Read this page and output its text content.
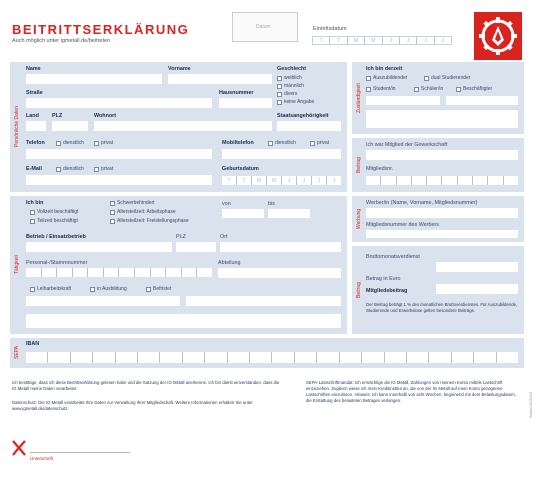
BEITRITTSERKLÄRUNG
Auch möglich unter igmetall.de/beitreten
Datum	Eintrittsdatum
T	T	M	M	J	J	J	J
Persönliche Daten
Name	Vorname	Geschlecht
weiblich
männlich
divers
keine Angabe
Straße	Hausnummer
Land PLZ	Wohnort	Staatsangehörigkeit
Telefon	dienstlich	privat	Mobiltelefon	dienstlich	privat
E-Mail	dienstlich	privat	Geburtsdatum
T	T	M	M	J	J	J	J
Zuständigkeit
Ich bin derzeit
Auszubildender	dual Studierender
Student/in	Schüler/in	Beschäftigter
Beitrag
Ich war Mitglied der Gewerkschaft
Mitgliedsnr.
Tätigkeit
Ich bin
Vollzeit beschäftigt
Teilzeit beschäftigt
Schwerbehindert
Altersteilzeit: Arbeitsphase
Altersteilzeit: Freistellungsphase
von	bis
Betrieb / Einsatzbetrieb	PLZ	Ort
Personal-/Stammnummer	Abteilung
Leiharbeitskraft	in Ausbildung	Befristet
Werbung
Werber/in (Name, Vorname, Mitgliedsnummer)
Mitgliedsnummer des Werbers
Beitrag
Bruttomonatsverdienst
Betrag in Euro
Mitgliedsbeitrag
Der Beitrag beträgt 1 % des monatlichen Bruttoverdienstes. Für Auszubildende, Studierende und Erwerbslose gelten besondere Beiträge.
SEPA
IBAN
Ich bestätige, dass ich diese Beitrittserklärung gelesen habe und die Satzung der IG Metall anerkenne. Ich bin damit einverstanden, dass die IG Metall meine Daten verarbeitet.
Datenschutz: Die IG Metall verarbeitet Ihre Daten zur Verwaltung Ihrer Mitgliedschaft. Weitere Informationen erhalten Sie unter www.igmetall.de/datenschutz.
SEPA-Lastschriftmandat: Ich ermächtige die IG Metall, Zahlungen von meinem Konto mittels Lastschrift einzuziehen. Zugleich weise ich mein Kreditinstitut an, die von der IG Metall auf mein Konto gezogenen Lastschriften einzulösen. Hinweis: Ich kann innerhalb von acht Wochen, beginnend mit dem Belastungsdatum, die Erstattung des belasteten Betrages verlangen.	Stand 01/2024
Unterschrift
